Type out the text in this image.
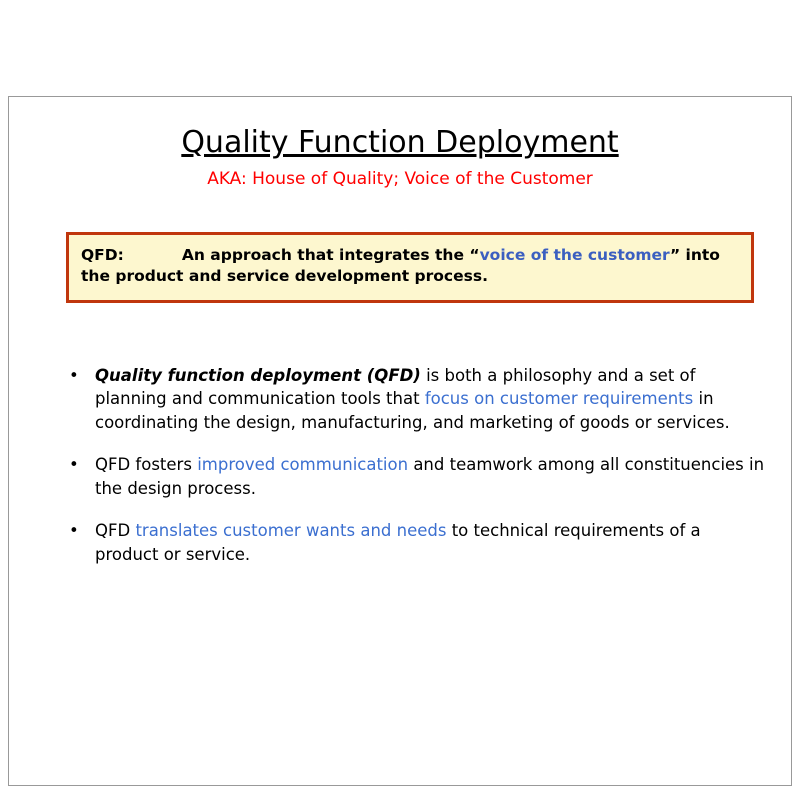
Quality Function Deployment
AKA: House of Quality; Voice of the Customer

QFD:	An approach that integrates the “voice of the customer” into the product and service development process.

• Quality function deployment (QFD) is both a philosophy and a set of planning and communication tools that focus on customer requirements in coordinating the design, manufacturing, and marketing of goods or services.
• QFD fosters improved communication and teamwork among all constituencies in the design process.
• QFD translates customer wants and needs to technical requirements of a product or service.
